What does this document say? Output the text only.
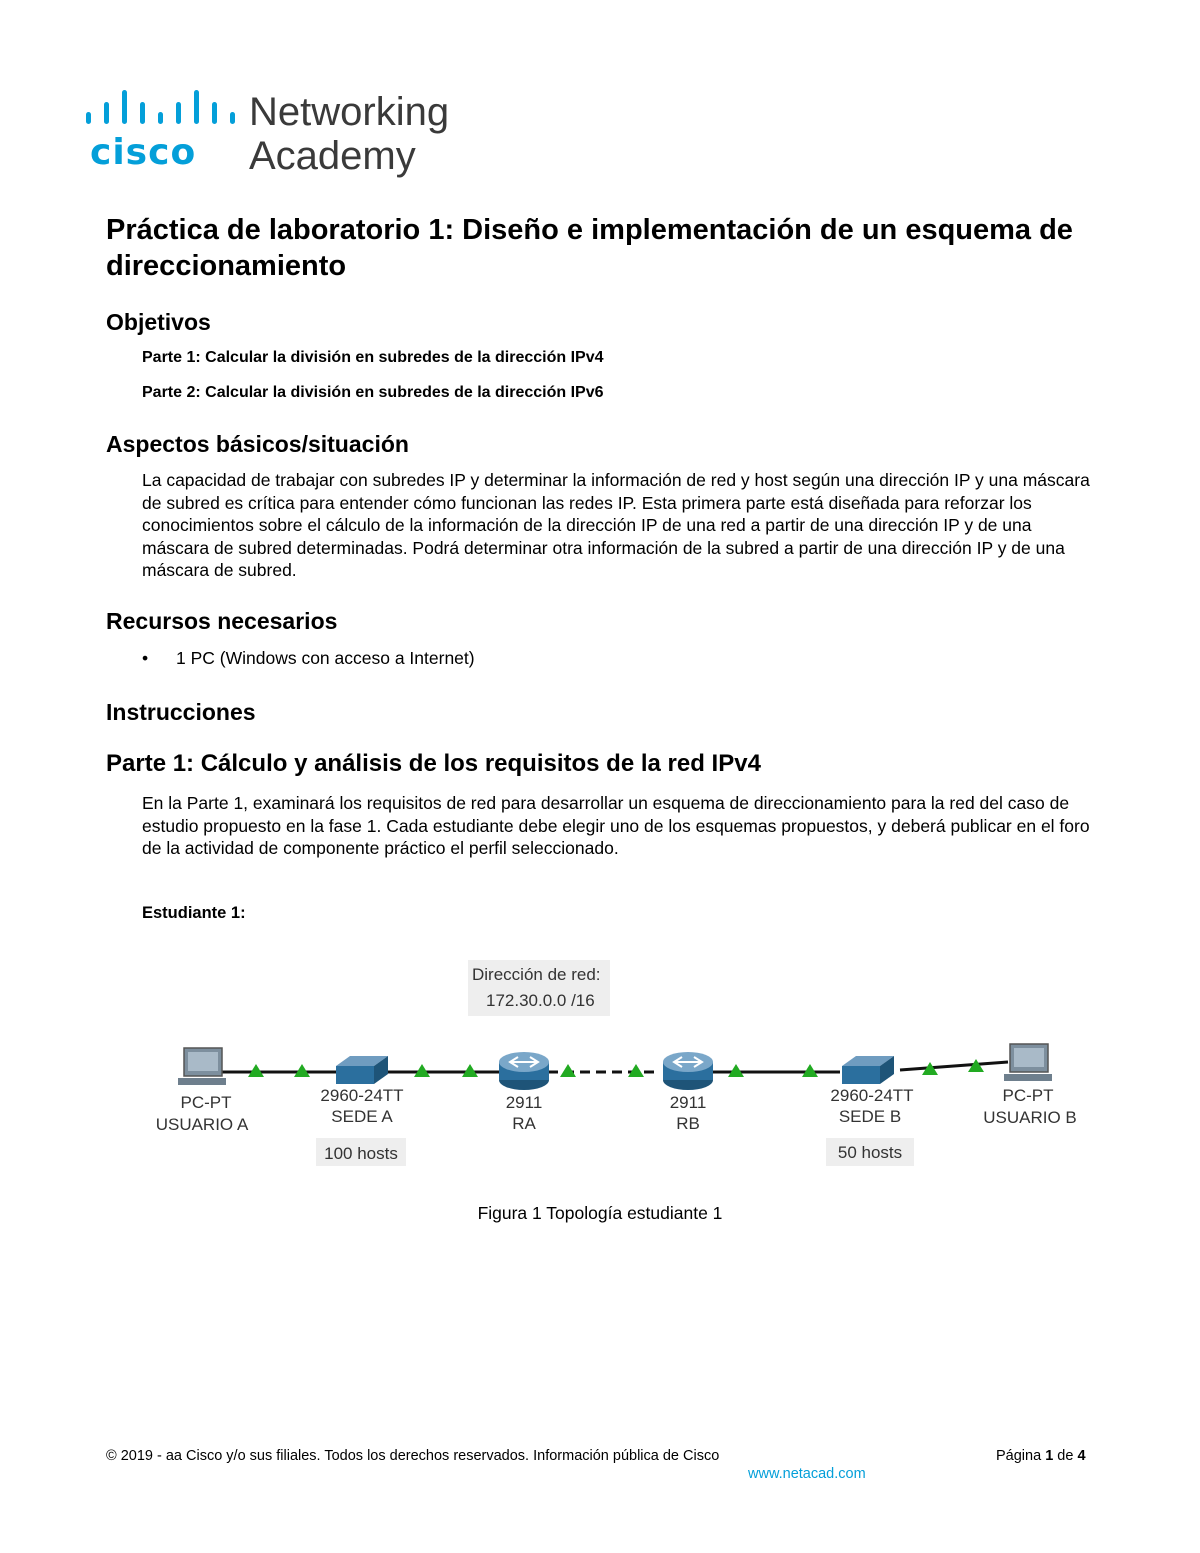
cisco
Networking
Academy
Práctica de laboratorio 1: Diseño e implementación de un esquema de direccionamiento
Objetivos

Parte 1: Calcular la división en subredes de la dirección IPv4

Parte 2: Calcular la división en subredes de la dirección IPv6

Aspectos básicos/situación

La capacidad de trabajar con subredes IP y determinar la información de red y host según una dirección IP y una máscara de subred es crítica para entender cómo funcionan las redes IP. Esta primera parte está diseñada para reforzar los conocimientos sobre el cálculo de la información de la dirección IP de una red a partir de una dirección IP y de una máscara de subred determinadas. Podrá determinar otra información de la subred a partir de una dirección IP y de una máscara de subred.

Recursos necesarios
• 1 PC (Windows con acceso a Internet)
Instrucciones
Parte 1: Cálculo y análisis de los requisitos de la red IPv4

En la Parte 1, examinará los requisitos de red para desarrollar un esquema de direccionamiento para la red del caso de estudio propuesto en la fase 1. Cada estudiante debe elegir uno de los esquemas propuestos, y deberá publicar en el foro de la actividad de componente práctico el perfil seleccionado.

Estudiante 1:

Dirección de red:
172.30.0.0 /16
PC-PT
USUARIO A
2960-24TT
SEDE A
100 hosts
2911
RA
2911
RB
2960-24TT
SEDE B
50 hosts
PC-PT
USUARIO B
Figura 1 Topología estudiante 1
© 2019 - aa Cisco y/o sus filiales. Todos los derechos reservados. Información pública de Cisco	Página 1 de 4
www.netacad.com
